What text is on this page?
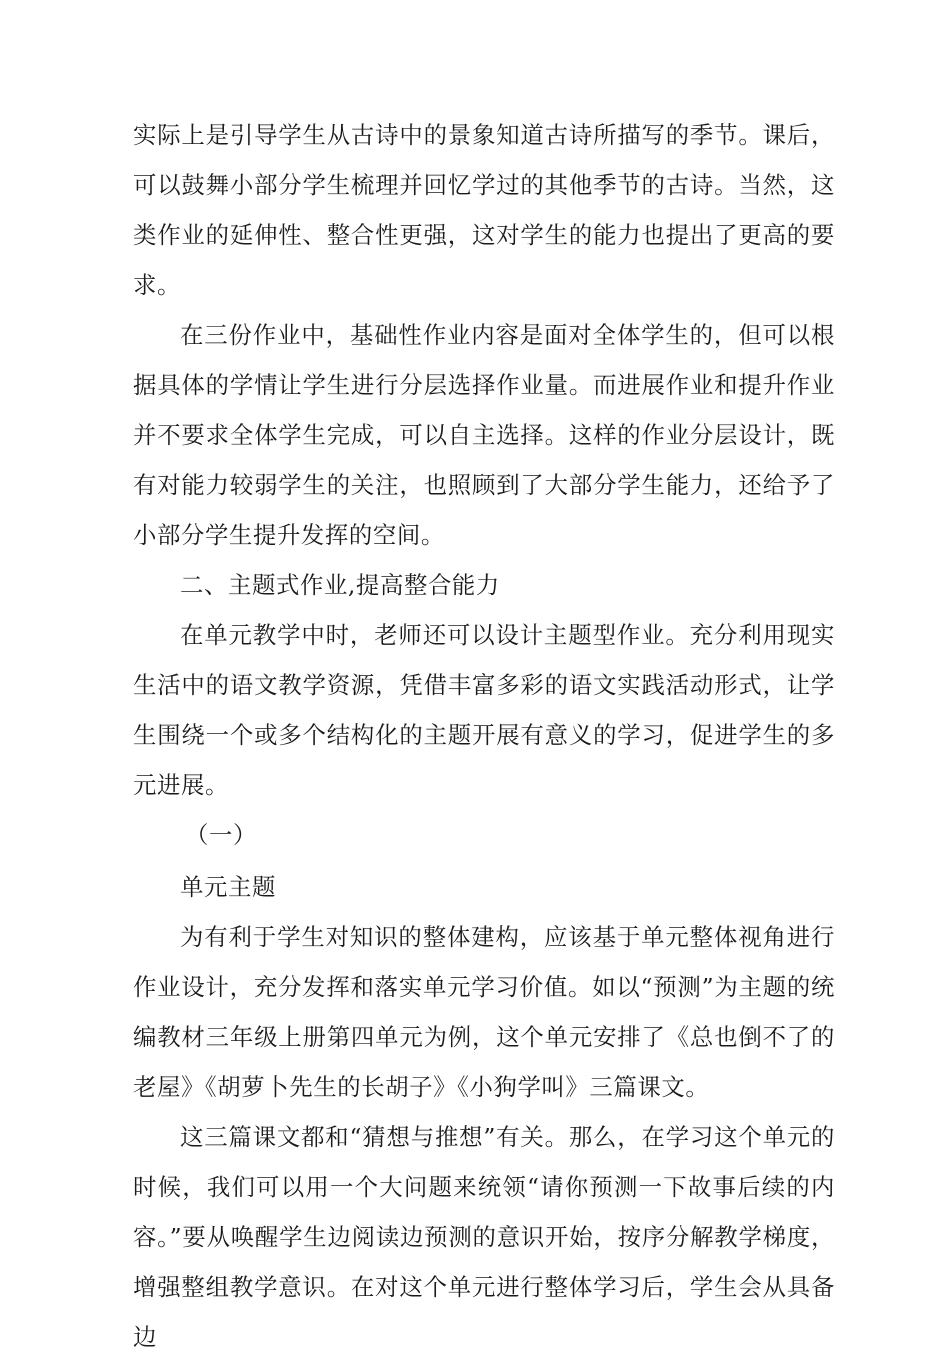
实际上是引导学生从古诗中的景象知道古诗所描写的季节。课后，可以鼓舞小部分学生梳理并回忆学过的其他季节的古诗。当然，这类作业的延伸性、整合性更强，这对学生的能力也提出了更高的要求。

在三份作业中，基础性作业内容是面对全体学生的，但可以根据具体的学情让学生进行分层选择作业量。而进展作业和提升作业并不要求全体学生完成，可以自主选择。这样的作业分层设计，既有对能力较弱学生的关注，也照顾到了大部分学生能力，还给予了小部分学生提升发挥的空间。

二、主题式作业,提高整合能力

在单元教学中时，老师还可以设计主题型作业。充分利用现实生活中的语文教学资源，凭借丰富多彩的语文实践活动形式，让学生围绕一个或多个结构化的主题开展有意义的学习，促进学生的多元进展。

（一）

单元主题

为有利于学生对知识的整体建构，应该基于单元整体视角进行作业设计，充分发挥和落实单元学习价值。如以“预测”为主题的统编教材三年级上册第四单元为例，这个单元安排了《总也倒不了的老屋》《胡萝卜先生的长胡子》《小狗学叫》三篇课文。

这三篇课文都和“猜想与推想”有关。那么，在学习这个单元的时候，我们可以用一个大问题来统领“请你预测一下故事后续的内容。”要从唤醒学生边阅读边预测的意识开始，按序分解教学梯度，增强整组教学意识。在对这个单元进行整体学习后，学生会从具备边
